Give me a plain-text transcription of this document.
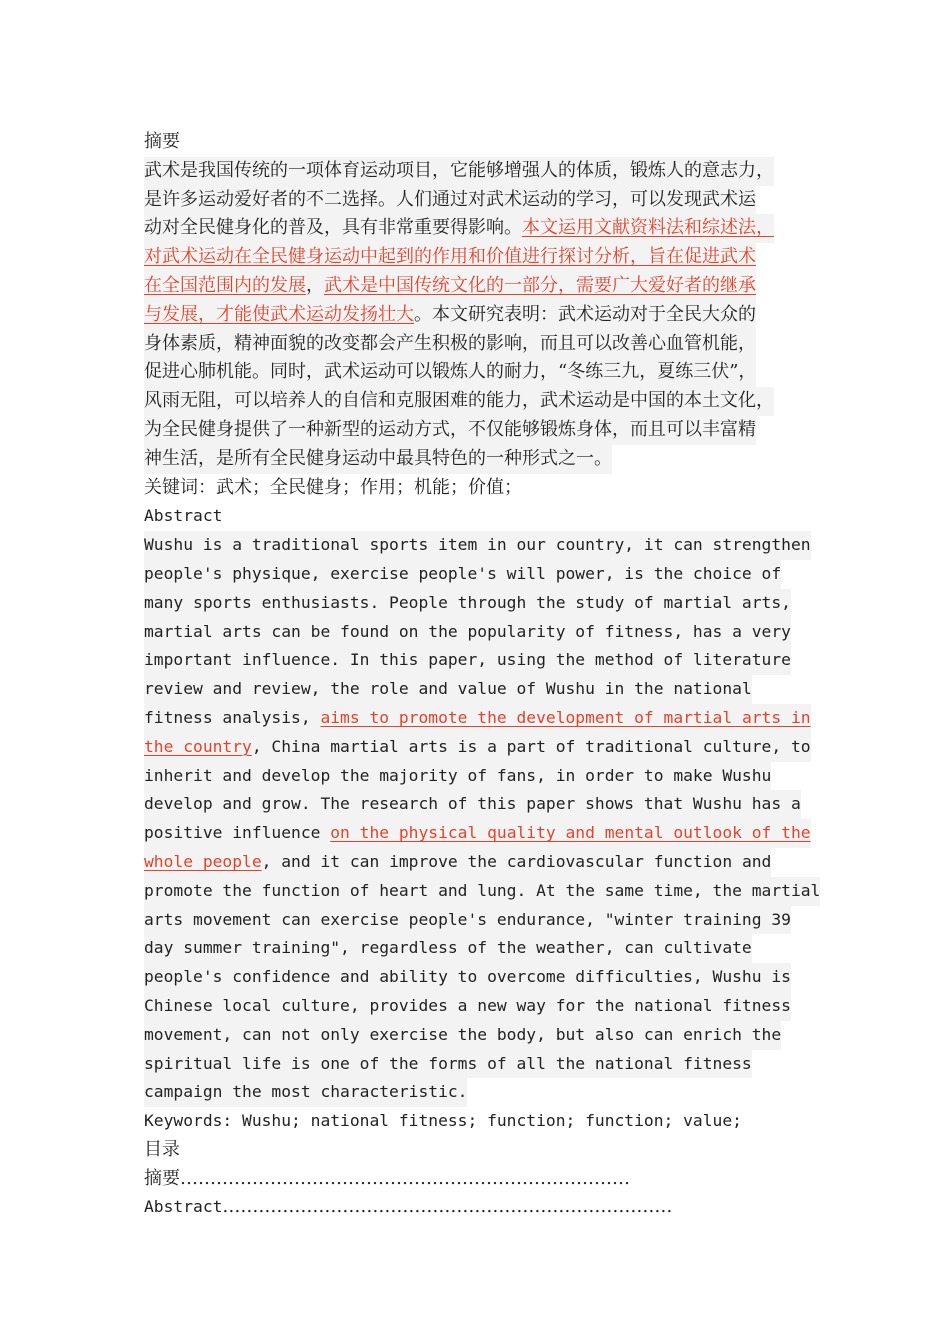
摘要
武术是我国传统的一项体育运动项目，它能够增强人的体质，锻炼人的意志力，
是许多运动爱好者的不二选择。人们通过对武术运动的学习，可以发现武术运
动对全民健身化的普及，具有非常重要得影响。本文运用文献资料法和综述法，
对武术运动在全民健身运动中起到的作用和价值进行探讨分析，旨在促进武术
在全国范围内的发展，武术是中国传统文化的一部分，需要广大爱好者的继承
与发展，才能使武术运动发扬壮大。本文研究表明：武术运动对于全民大众的
身体素质，精神面貌的改变都会产生积极的影响，而且可以改善心血管机能，
促进心肺机能。同时，武术运动可以锻炼人的耐力，“冬练三九，夏练三伏”，
风雨无阻，可以培养人的自信和克服困难的能力，武术运动是中国的本土文化，
为全民健身提供了一种新型的运动方式，不仅能够锻炼身体，而且可以丰富精
神生活，是所有全民健身运动中最具特色的一种形式之一。
关键词：武术；全民健身；作用；机能；价值；
Abstract
Wushu is a traditional sports item in our country, it can strengthen
people's physique, exercise people's will power, is the choice of
many sports enthusiasts. People through the study of martial arts,
martial arts can be found on the popularity of fitness, has a very
important influence. In this paper, using the method of literature
review and review, the role and value of Wushu in the national
fitness analysis, aims to promote the development of martial arts in
the country, China martial arts is a part of traditional culture, to
inherit and develop the majority of fans, in order to make Wushu
develop and grow. The research of this paper shows that Wushu has a
positive influence on the physical quality and mental outlook of the
whole people, and it can improve the cardiovascular function and
promote the function of heart and lung. At the same time, the martial
arts movement can exercise people's endurance, "winter training 39
day summer training", regardless of the weather, can cultivate
people's confidence and ability to overcome difficulties, Wushu is
Chinese local culture, provides a new way for the national fitness
movement, can not only exercise the body, but also can enrich the
spiritual life is one of the forms of all the national fitness
campaign the most characteristic.
Keywords: Wushu; national fitness; function; function; value;
目录
摘要…………………………………………………………………
Abstract…………………………………………………………………
